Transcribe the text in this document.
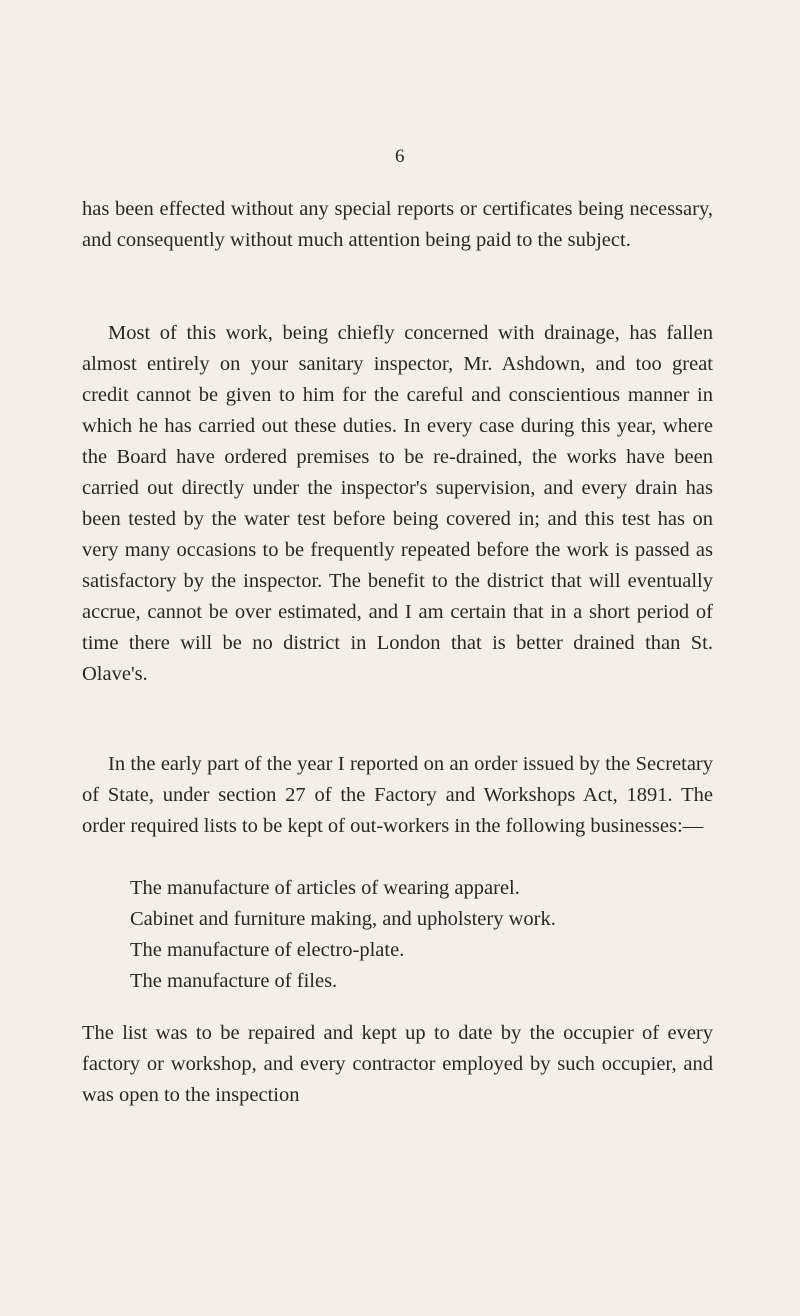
6

has been effected without any special reports or certificates being necessary, and consequently without much attention being paid to the subject.

Most of this work, being chiefly concerned with drainage, has fallen almost entirely on your sanitary inspector, Mr. Ashdown, and too great credit cannot be given to him for the careful and conscientious manner in which he has carried out these duties. In every case during this year, where the Board have ordered premises to be re-drained, the works have been carried out directly under the inspector's supervision, and every drain has been tested by the water test before being covered in; and this test has on very many occasions to be frequently repeated before the work is passed as satisfactory by the inspector. The benefit to the district that will eventually accrue, cannot be over estimated, and I am certain that in a short period of time there will be no district in London that is better drained than St. Olave's.

In the early part of the year I reported on an order issued by the Secretary of State, under section 27 of the Factory and Workshops Act, 1891. The order required lists to be kept of out-workers in the following businesses:—

The manufacture of articles of wearing apparel.
Cabinet and furniture making, and upholstery work.
The manufacture of electro-plate.
The manufacture of files.

The list was to be repaired and kept up to date by the occupier of every factory or workshop, and every contractor employed by such occupier, and was open to the inspection
